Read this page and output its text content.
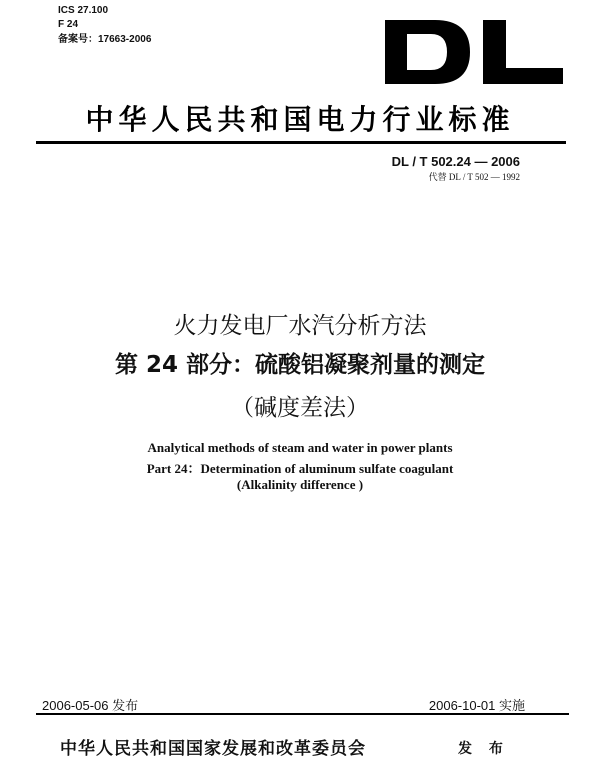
ICS 27.100
F 24
备案号：17663-2006
中华人民共和国电力行业标准
DL / T 502.24 — 2006
代替 DL / T 502 — 1992
火力发电厂水汽分析方法
第 24 部分：硫酸铝凝聚剂量的测定
（碱度差法）
Analytical methods of steam and water in power plants
Part 24：Determination of aluminum sulfate coagulant
(Alkalinity difference )
2006-05-06 发布	2006-10-01 实施
中华人民共和国国家发展和改革委员会	发 布
